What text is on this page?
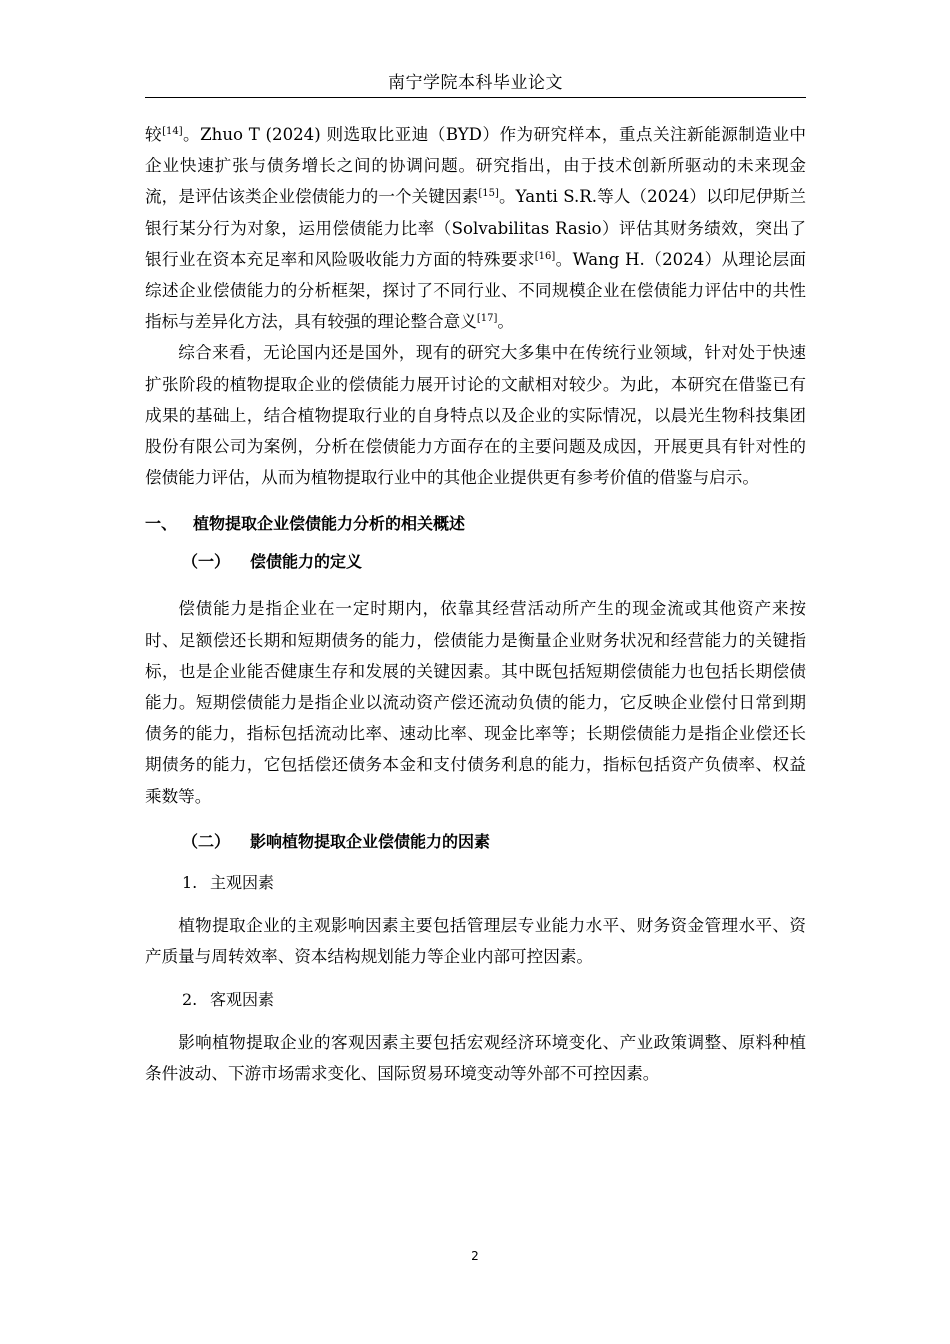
南宁学院本科毕业论文

较[14]。Zhuo T (2024) 则选取比亚迪（BYD）作为研究样本，重点关注新能源制造业中企业快速扩张与债务增长之间的协调问题。研究指出，由于技术创新所驱动的未来现金流，是评估该类企业偿债能力的一个关键因素[15]。Yanti S.R.等人（2024）以印尼伊斯兰银行某分行为对象，运用偿债能力比率（Solvabilitas Rasio）评估其财务绩效，突出了银行业在资本充足率和风险吸收能力方面的特殊要求[16]。Wang H.（2024）从理论层面综述企业偿债能力的分析框架，探讨了不同行业、不同规模企业在偿债能力评估中的共性指标与差异化方法，具有较强的理论整合意义[17]。

综合来看，无论国内还是国外，现有的研究大多集中在传统行业领域，针对处于快速扩张阶段的植物提取企业的偿债能力展开讨论的文献相对较少。为此，本研究在借鉴已有成果的基础上，结合植物提取行业的自身特点以及企业的实际情况，以晨光生物科技集团股份有限公司为案例，分析在偿债能力方面存在的主要问题及成因，开展更具有针对性的偿债能力评估，从而为植物提取行业中的其他企业提供更有参考价值的借鉴与启示。

一、 植物提取企业偿债能力分析的相关概述
（一） 偿债能力的定义

偿债能力是指企业在一定时期内，依靠其经营活动所产生的现金流或其他资产来按时、足额偿还长期和短期债务的能力，偿债能力是衡量企业财务状况和经营能力的关键指标，也是企业能否健康生存和发展的关键因素。其中既包括短期偿债能力也包括长期偿债能力。短期偿债能力是指企业以流动资产偿还流动负债的能力，它反映企业偿付日常到期债务的能力，指标包括流动比率、速动比率、现金比率等；长期偿债能力是指企业偿还长期债务的能力，它包括偿还债务本金和支付债务利息的能力，指标包括资产负债率、权益乘数等。

（二） 影响植物提取企业偿债能力的因素
1. 主观因素

植物提取企业的主观影响因素主要包括管理层专业能力水平、财务资金管理水平、资产质量与周转效率、资本结构规划能力等企业内部可控因素。

2. 客观因素

影响植物提取企业的客观因素主要包括宏观经济环境变化、产业政策调整、原料种植条件波动、下游市场需求变化、国际贸易环境变动等外部不可控因素。

2
